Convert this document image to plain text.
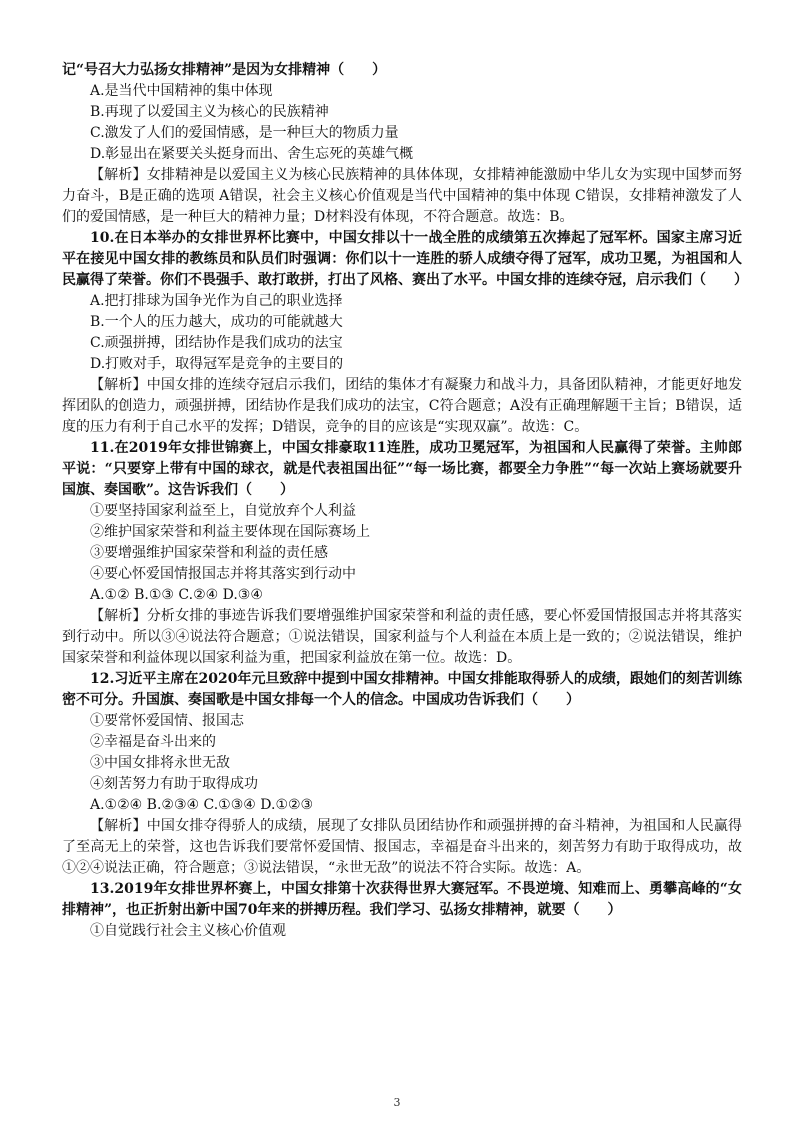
记“号召大力弘扬女排精神”是因为女排精神（　　）
A.是当代中国精神的集中体现
B.再现了以爱国主义为核心的民族精神
C.激发了人们的爱国情感，是一种巨大的物质力量
D.彰显出在紧要关头挺身而出、舍生忘死的英雄气概
【解析】女排精神是以爱国主义为核心民族精神的具体体现，女排精神能激励中华儿女为实现中国梦而努力奋斗，B是正确的选项 A错误，社会主义核心价值观是当代中国精神的集中体现 C错误，女排精神激发了人们的爱国情感，是一种巨大的精神力量；D材料没有体现，不符合题意。故选：B。
10.在日本举办的女排世界杯比赛中，中国女排以十一战全胜的成绩第五次捧起了冠军杯。国家主席习近平在接见中国女排的教练员和队员们时强调：你们以十一连胜的骄人成绩夺得了冠军，成功卫冕，为祖国和人民赢得了荣誉。你们不畏强手、敢打敢拼，打出了风格、赛出了水平。中国女排的连续夺冠，启示我们（　　）
A.把打排球为国争光作为自己的职业选择
B.一个人的压力越大，成功的可能就越大
C.顽强拼搏，团结协作是我们成功的法宝
D.打败对手，取得冠军是竞争的主要目的
【解析】中国女排的连续夺冠启示我们，团结的集体才有凝聚力和战斗力，具备团队精神，才能更好地发挥团队的创造力，顽强拼搏，团结协作是我们成功的法宝，C符合题意；A没有正确理解题干主旨；B错误，适度的压力有利于自己水平的发挥；D错误，竞争的目的应该是“实现双赢”。故选：C。
11.在2019年女排世锦赛上，中国女排豪取11连胜，成功卫冕冠军，为祖国和人民赢得了荣誉。主帅郎平说：“只要穿上带有中国的球衣，就是代表祖国出征”“每一场比赛，都要全力争胜”“每一次站上赛场就要升国旗、奏国歌”。这告诉我们（　　）
①要坚持国家利益至上，自觉放弃个人利益
②维护国家荣誉和利益主要体现在国际赛场上
③要增强维护国家荣誉和利益的责任感
④要心怀爱国情报国志并将其落实到行动中
A.①② B.①③ C.②④ D.③④
【解析】分析女排的事迹告诉我们要增强维护国家荣誉和利益的责任感，要心怀爱国情报国志并将其落实到行动中。所以③④说法符合题意；①说法错误，国家利益与个人利益在本质上是一致的；②说法错误，维护国家荣誉和利益体现以国家利益为重，把国家利益放在第一位。故选：D。
12.习近平主席在2020年元旦致辞中提到中国女排精神。中国女排能取得骄人的成绩，跟她们的刻苦训练密不可分。升国旗、奏国歌是中国女排每一个人的信念。中国成功告诉我们（　　）
①要常怀爱国情、报国志
②幸福是奋斗出来的
③中国女排将永世无敌
④刻苦努力有助于取得成功
A.①②④ B.②③④ C.①③④ D.①②③
【解析】中国女排夺得骄人的成绩，展现了女排队员团结协作和顽强拼搏的奋斗精神，为祖国和人民赢得了至高无上的荣誉，这也告诉我们要常怀爱国情、报国志，幸福是奋斗出来的，刻苦努力有助于取得成功，故①②④说法正确，符合题意；③说法错误，“永世无敌”的说法不符合实际。故选：A。
13.2019年女排世界杯赛上，中国女排第十次获得世界大赛冠军。不畏逆境、知难而上、勇攀高峰的“女排精神”，也正折射出新中国70年来的拼搏历程。我们学习、弘扬女排精神，就要（　　）
①自觉践行社会主义核心价值观
3
